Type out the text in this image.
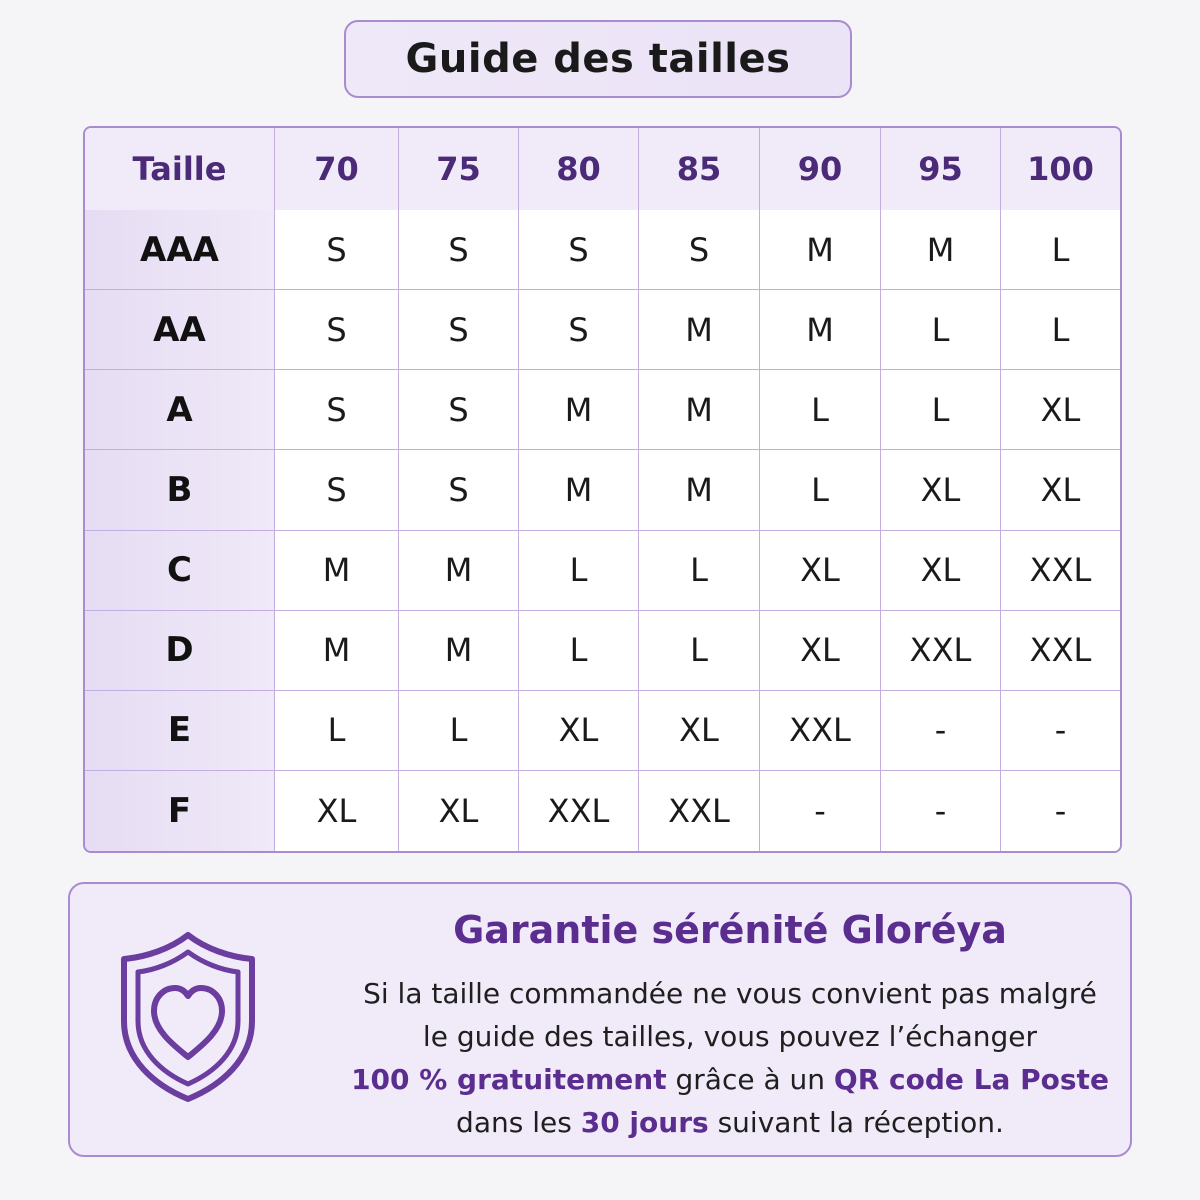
Guide des tailles
Taille	70	75	80	85	90	95	100
AAA	S	S	S	S	M	M	L
AA	S	S	S	M	M	L	L
A	S	S	M	M	L	L	XL
B	S	S	M	M	L	XL	XL
C	M	M	L	L	XL	XL	XXL
D	M	M	L	L	XL	XXL	XXL
E	L	L	XL	XL	XXL	-	-
F	XL	XL	XXL	XXL	-	-	-
Garantie sérénité Gloréya
Si la taille commandée ne vous convient pas malgré
le guide des tailles, vous pouvez l’échanger
100 % gratuitement grâce à un QR code La Poste
dans les 30 jours suivant la réception.
